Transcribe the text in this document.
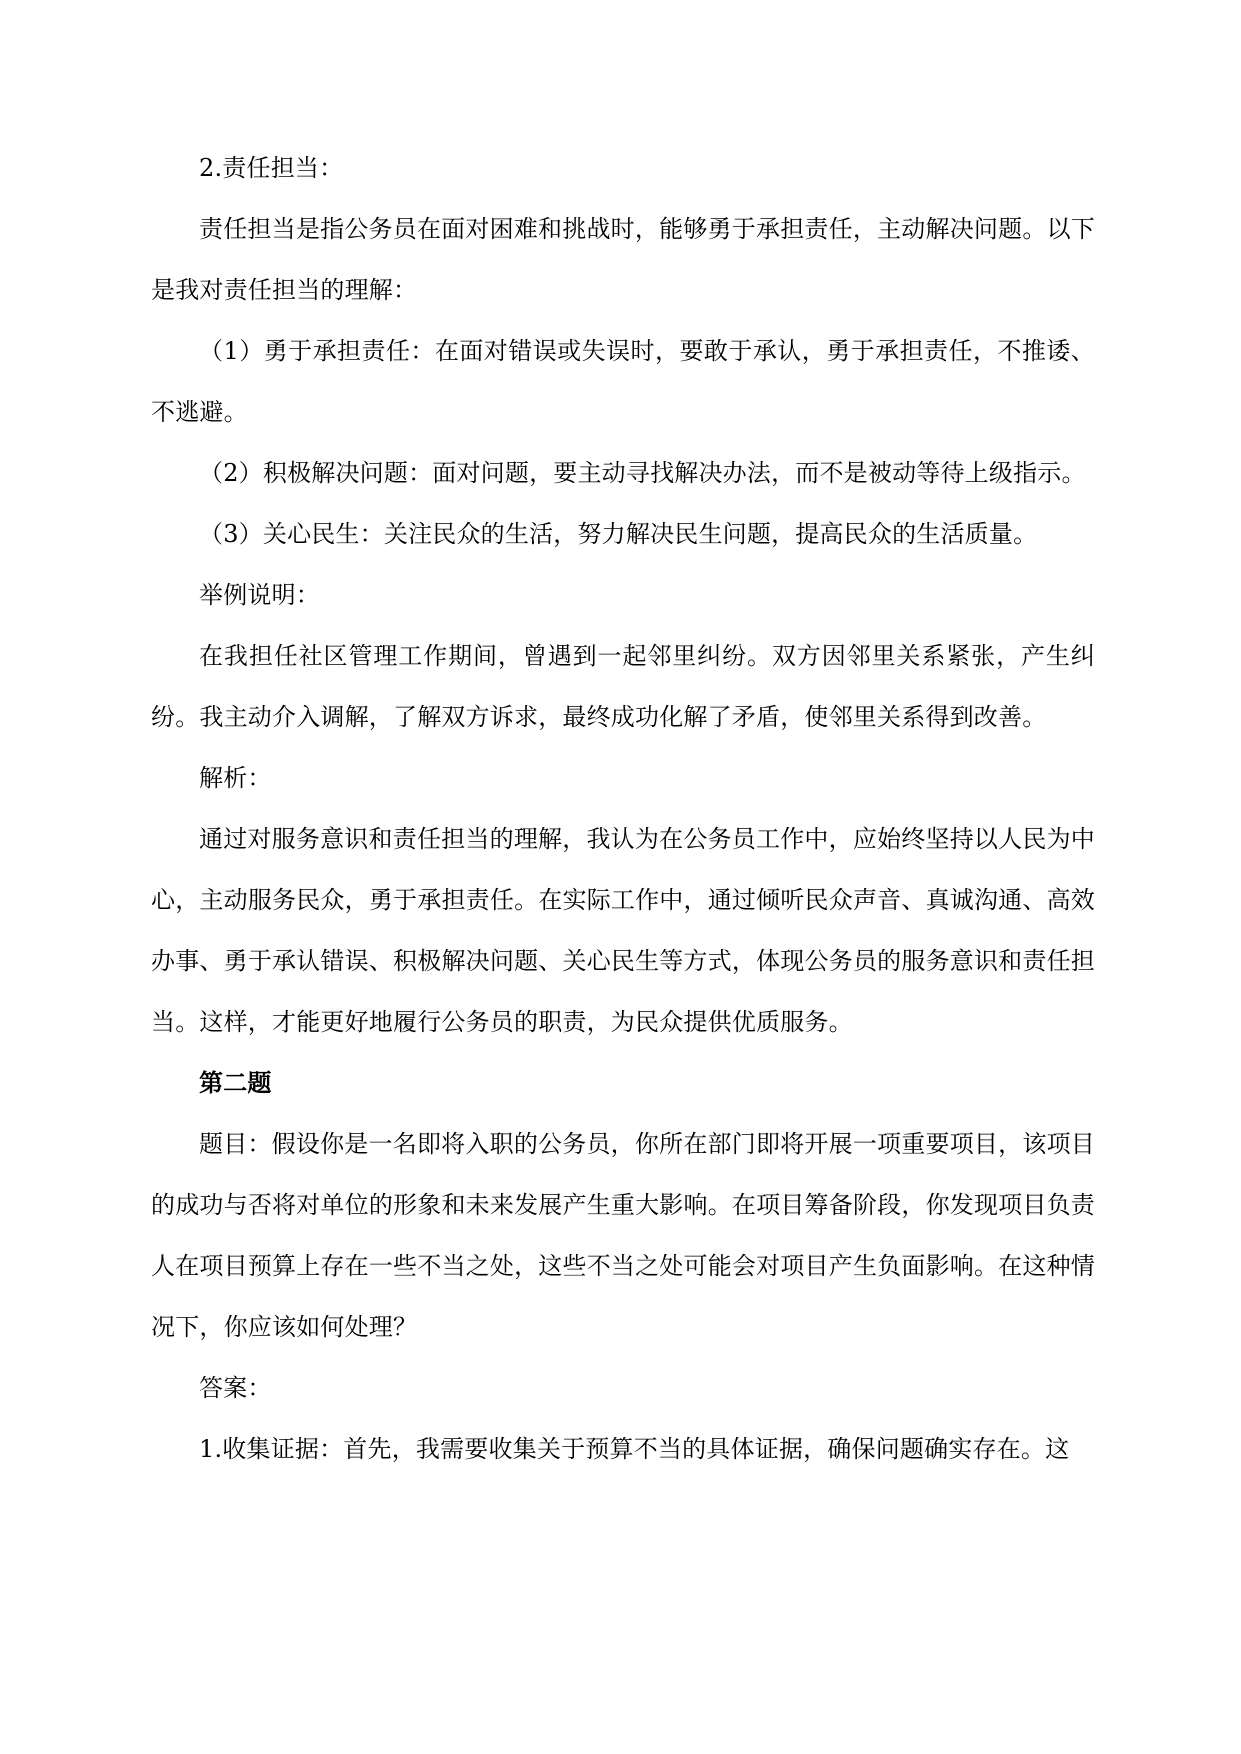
2.责任担当：

责任担当是指公务员在面对困难和挑战时，能够勇于承担责任，主动解决问题。以下是我对责任担当的理解：

（1）勇于承担责任：在面对错误或失误时，要敢于承认，勇于承担责任，不推诿、不逃避。

（2）积极解决问题：面对问题，要主动寻找解决办法，而不是被动等待上级指示。

（3）关心民生：关注民众的生活，努力解决民生问题，提高民众的生活质量。

举例说明：

在我担任社区管理工作期间，曾遇到一起邻里纠纷。双方因邻里关系紧张，产生纠纷。我主动介入调解，了解双方诉求，最终成功化解了矛盾，使邻里关系得到改善。

解析：

通过对服务意识和责任担当的理解，我认为在公务员工作中，应始终坚持以人民为中心，主动服务民众，勇于承担责任。在实际工作中，通过倾听民众声音、真诚沟通、高效办事、勇于承认错误、积极解决问题、关心民生等方式，体现公务员的服务意识和责任担当。这样，才能更好地履行公务员的职责，为民众提供优质服务。

第二题

题目：假设你是一名即将入职的公务员，你所在部门即将开展一项重要项目，该项目的成功与否将对单位的形象和未来发展产生重大影响。在项目筹备阶段，你发现项目负责人在项目预算上存在一些不当之处，这些不当之处可能会对项目产生负面影响。在这种情况下，你应该如何处理？

答案：

1.收集证据：首先，我需要收集关于预算不当的具体证据，确保问题确实存在。这
